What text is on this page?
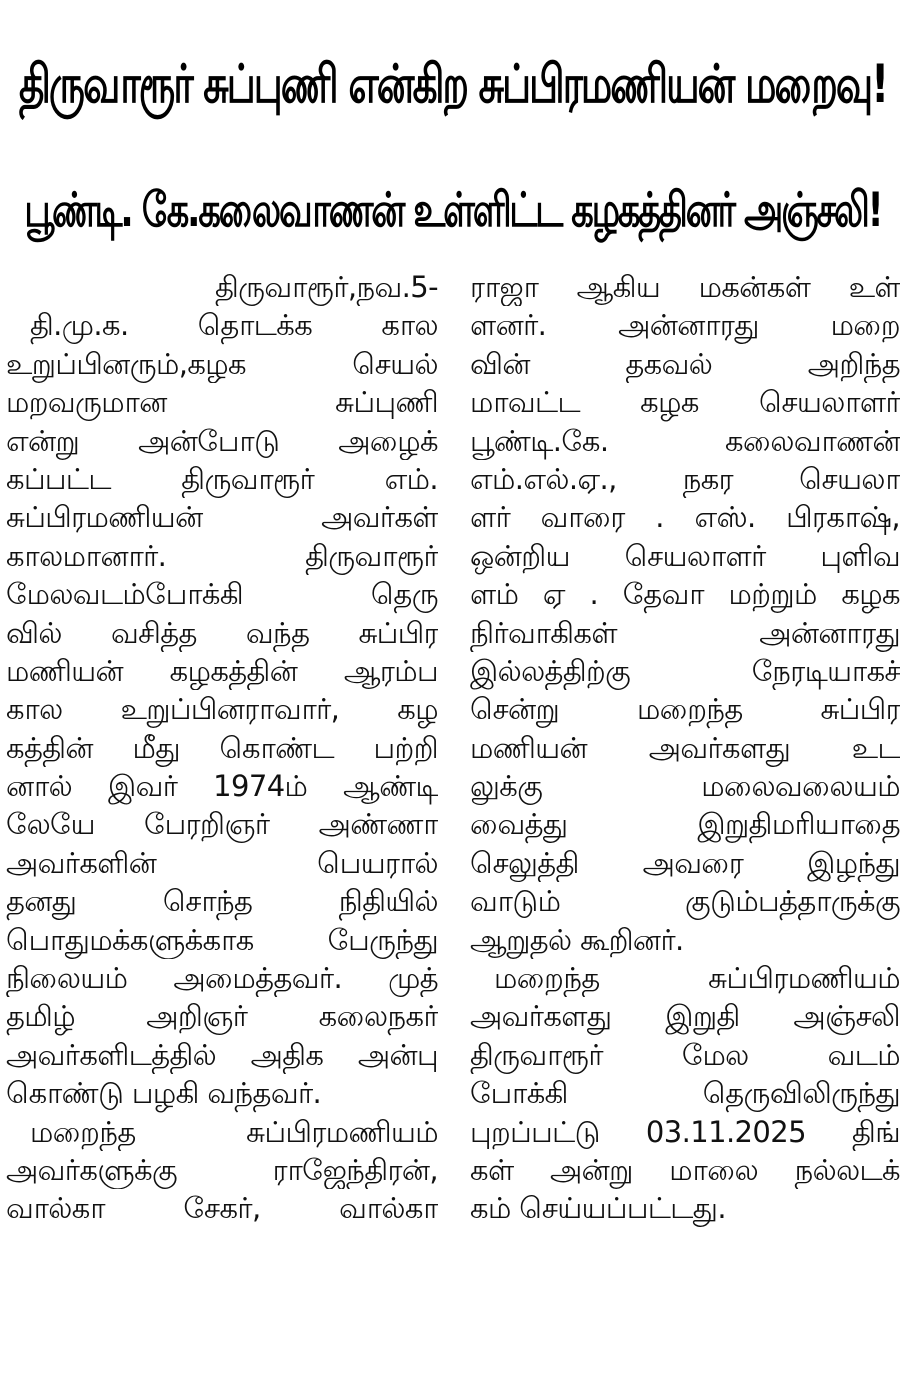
திருவாரூர் சுப்புணி என்கிற சுப்பிரமணியன் மறைவு!
பூண்டி. கே.கலைவாணன் உள்ளிட்ட கழகத்தினர் அஞ்சலி!
திருவாரூர்,நவ.5-
தி.மு.க. தொடக்க கால
உறுப்பினரும்,கழக செயல்
மறவருமான சுப்புணி
என்று அன்போடு அழைக்
கப்பட்ட திருவாரூர் எம்.
சுப்பிரமணியன் அவர்கள்
காலமானார். திருவாரூர்
மேலவடம்போக்கி தெரு
வில் வசித்த வந்த சுப்பிர
மணியன் கழகத்தின் ஆரம்ப
கால உறுப்பினராவார், கழ
கத்தின் மீது கொண்ட பற்றி
னால் இவர் 1974ம் ஆண்டி
லேயே பேரறிஞர் அண்ணா
அவர்களின் பெயரால்
தனது சொந்த நிதியில்
பொதுமக்களுக்காக பேருந்து
நிலையம் அமைத்தவர். முத்
தமிழ் அறிஞர் கலைநகர்
அவர்களிடத்தில் அதிக அன்பு
கொண்டு பழகி வந்தவர்.
மறைந்த சுப்பிரமணியம்
அவர்களுக்கு ராஜேந்திரன்,
வால்கா சேகர், வால்கா
ராஜா ஆகிய மகன்கள் உள்
ளனர். அன்னாரது மறை
வின் தகவல் அறிந்த
மாவட்ட கழக செயலாளர்
பூண்டி.கே. கலைவாணன்
எம்.எல்.ஏ., நகர செயலா
ளர் வாரை . எஸ். பிரகாஷ்,
ஒன்றிய செயலாளர் புளிவ
ளம் ஏ . தேவா மற்றும் கழக
நிர்வாகிகள் அன்னாரது
இல்லத்திற்கு நேரடியாகச்
சென்று மறைந்த சுப்பிர
மணியன் அவர்களது உட
லுக்கு மலைவலையம்
வைத்து இறுதிமரியாதை
செலுத்தி அவரை இழந்து
வாடும் குடும்பத்தாருக்கு
ஆறுதல் கூறினர்.
மறைந்த சுப்பிரமணியம்
அவர்களது இறுதி அஞ்சலி
திருவாரூர் மேல வடம்
போக்கி தெருவிலிருந்து
புறப்பட்டு 03.11.2025 திங்
கள் அன்று மாலை நல்லடக்
கம் செய்யப்பட்டது.
